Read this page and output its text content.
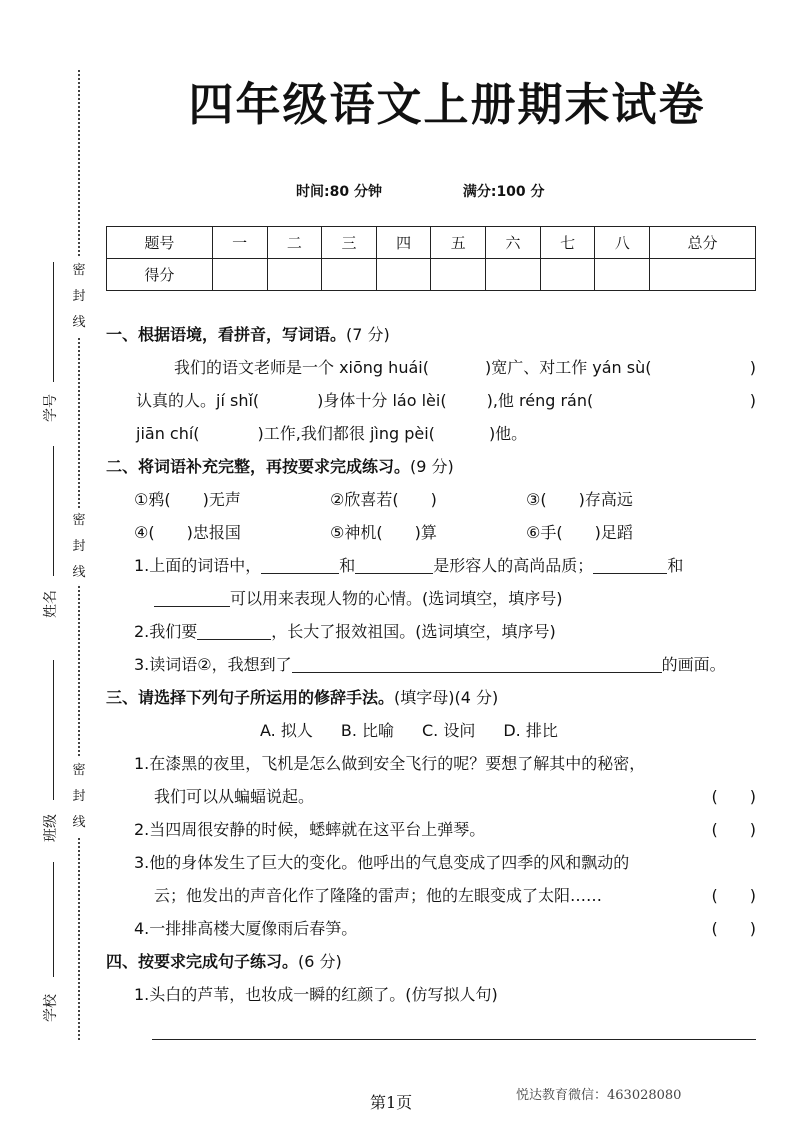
密
封
线
密
封
线
密
封
线
学号
姓名
班级
学校
四年级语文上册期末试卷
时间:80 分钟	满分:100 分
题号	一	二	三	四	五	六	七	八	总分
得分									
一、根据语境，看拼音，写词语。(7 分)
我们的语文老师是一个 xiōng huái(	)宽广、对工作 yán sù(	)
认真的人。jí shǐ(	)身体十分 láo lèi(	),他 réng rán(	)
jiān chí(	)工作,我们都很 jìng pèi(	)他。
二、将词语补充完整，再按要求完成练习。(9 分)
①鸦(　　)无声	②欣喜若(　　)	③(　　)存高远
④(　　)忠报国	⑤神机(　　)算	⑥手(　　)足蹈
1.上面的词语中，	和	是形容人的高尚品质；	和
可以用来表现人物的心情。(选词填空，填序号)
2.我们要	，长大了报效祖国。(选词填空，填序号)
3.读词语②，我想到了	的画面。
三、请选择下列句子所运用的修辞手法。(填字母)(4 分)
A. 拟人 B. 比喻 C. 设问 D. 排比
1.在漆黑的夜里，飞机是怎么做到安全飞行的呢？要想了解其中的秘密，
我们可以从蝙蝠说起。	(　　)
2.当四周很安静的时候，蟋蟀就在这平台上弹琴。	(　　)
3.他的身体发生了巨大的变化。他呼出的气息变成了四季的风和飘动的
云；他发出的声音化作了隆隆的雷声；他的左眼变成了太阳……	(　　)
4.一排排高楼大厦像雨后春笋。	(　　)
四、按要求完成句子练习。(6 分)
1.头白的芦苇，也妆成一瞬的红颜了。(仿写拟人句)
第1页	悦达教育微信：463028080
